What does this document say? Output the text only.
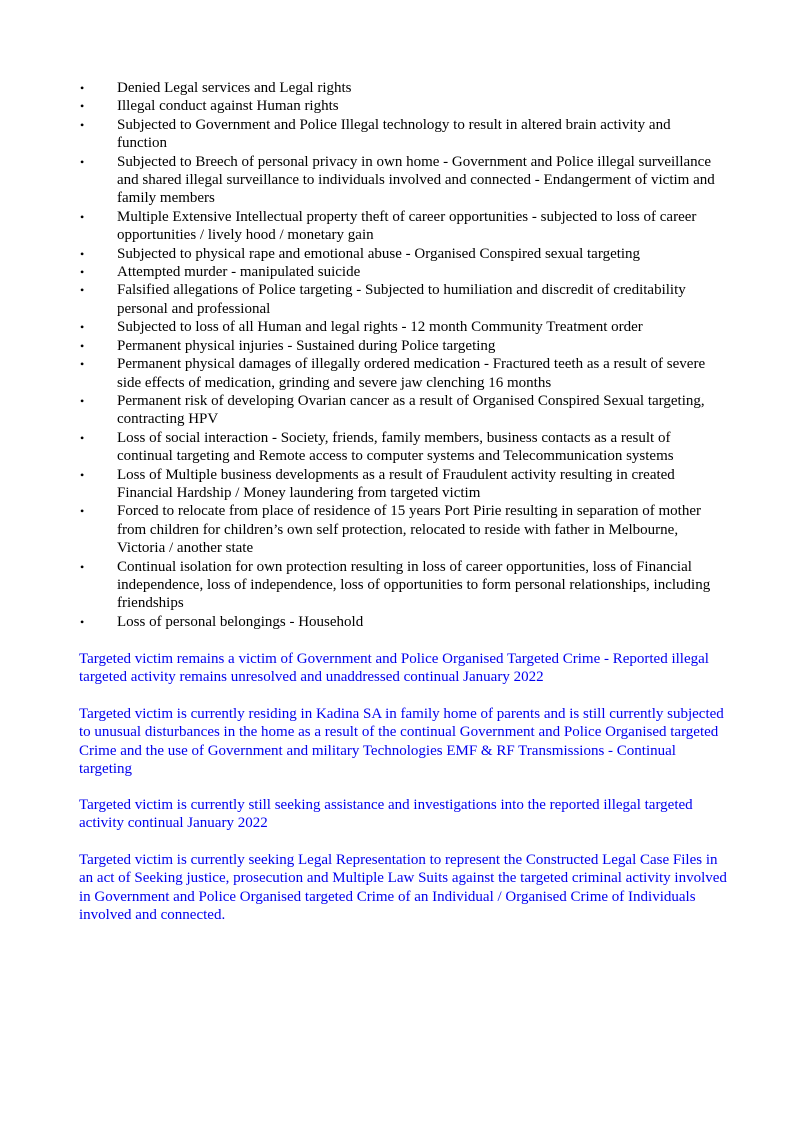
• Denied Legal services and Legal rights
• Illegal conduct against Human rights
• Subjected to Government and Police Illegal technology to result in altered brain activity and function
• Subjected to Breech of personal privacy in own home - Government and Police illegal surveillance and shared illegal surveillance to individuals involved and connected - Endangerment of victim and family members
• Multiple Extensive Intellectual property theft of career opportunities - subjected to loss of career opportunities / lively hood / monetary gain
• Subjected to physical rape and emotional abuse - Organised Conspired sexual targeting
• Attempted murder - manipulated suicide
• Falsified allegations of Police targeting - Subjected to humiliation and discredit of creditability personal and professional
• Subjected to loss of all Human and legal rights - 12 month Community Treatment order
• Permanent physical injuries - Sustained during Police targeting
• Permanent physical damages of illegally ordered medication - Fractured teeth as a result of severe side effects of medication, grinding and severe jaw clenching 16 months
• Permanent risk of developing Ovarian cancer as a result of Organised Conspired Sexual targeting, contracting HPV
• Loss of social interaction - Society, friends, family members, business contacts as a result of continual targeting and Remote access to computer systems and Telecommunication systems
• Loss of Multiple business developments as a result of Fraudulent activity resulting in created Financial Hardship / Money laundering from targeted victim
• Forced to relocate from place of residence of 15 years Port Pirie resulting in separation of mother from children for children’s own self protection, relocated to reside with father in Melbourne, Victoria / another state
• Continual isolation for own protection resulting in loss of career opportunities, loss of Financial independence, loss of independence, loss of opportunities to form personal relationships, including friendships
• Loss of personal belongings - Household

Targeted victim remains a victim of Government and Police Organised Targeted Crime - Reported illegal targeted activity remains unresolved and unaddressed continual January 2022

Targeted victim is currently residing in Kadina SA in family home of parents and is still currently subjected to unusual disturbances in the home as a result of the continual Government and Police Organised targeted Crime and the use of Government and military Technologies EMF & RF Transmissions - Continual targeting

Targeted victim is currently still seeking assistance and investigations into the reported illegal targeted activity continual January 2022

Targeted victim is currently seeking Legal Representation to represent the Constructed Legal Case Files in an act of Seeking justice, prosecution and Multiple Law Suits against the targeted criminal activity involved in Government and Police Organised targeted Crime of an Individual / Organised Crime of Individuals involved and connected.
